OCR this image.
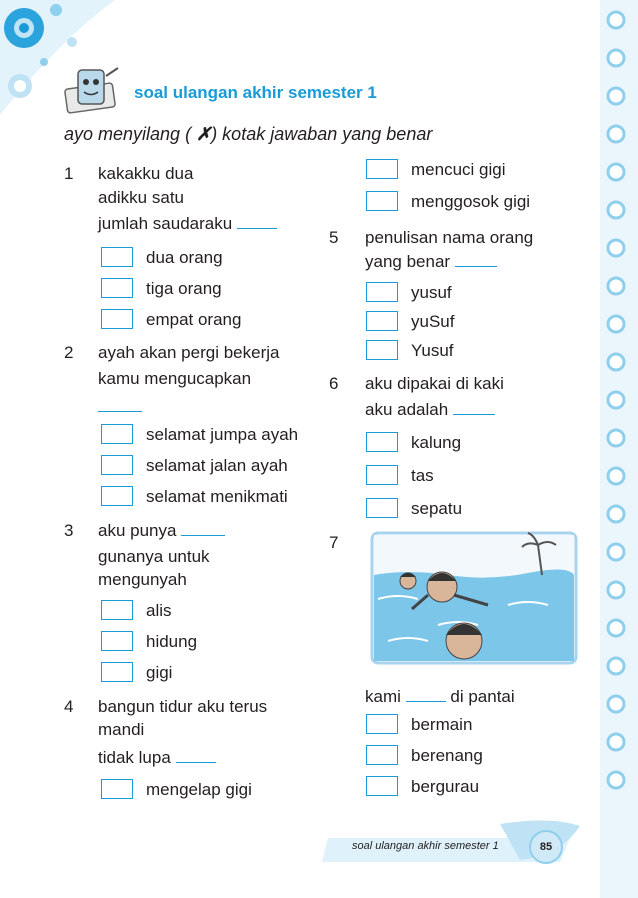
soal ulangan akhir semester 1
ayo menyilang ( ✗) kotak jawaban yang benar
1 kakakku dua
adikku satu
jumlah saudaraku
dua orang
tiga orang
empat orang
2 ayah akan pergi bekerja
kamu mengucapkan
selamat jumpa ayah
selamat jalan ayah
selamat menikmati
3 aku punya
gunanya untuk
mengunyah
alis
hidung
gigi
4 bangun tidur aku terus
mandi
tidak lupa
mengelap gigi
mencuci gigi
menggosok gigi
5 penulisan nama orang
yang benar
yusuf
yuSuf
Yusuf
6 aku dipakai di kaki
aku adalah
kalung
tas
sepatu
7
kami	di pantai
bermain
berenang
bergurau
soal ulangan akhir semester 1	85
